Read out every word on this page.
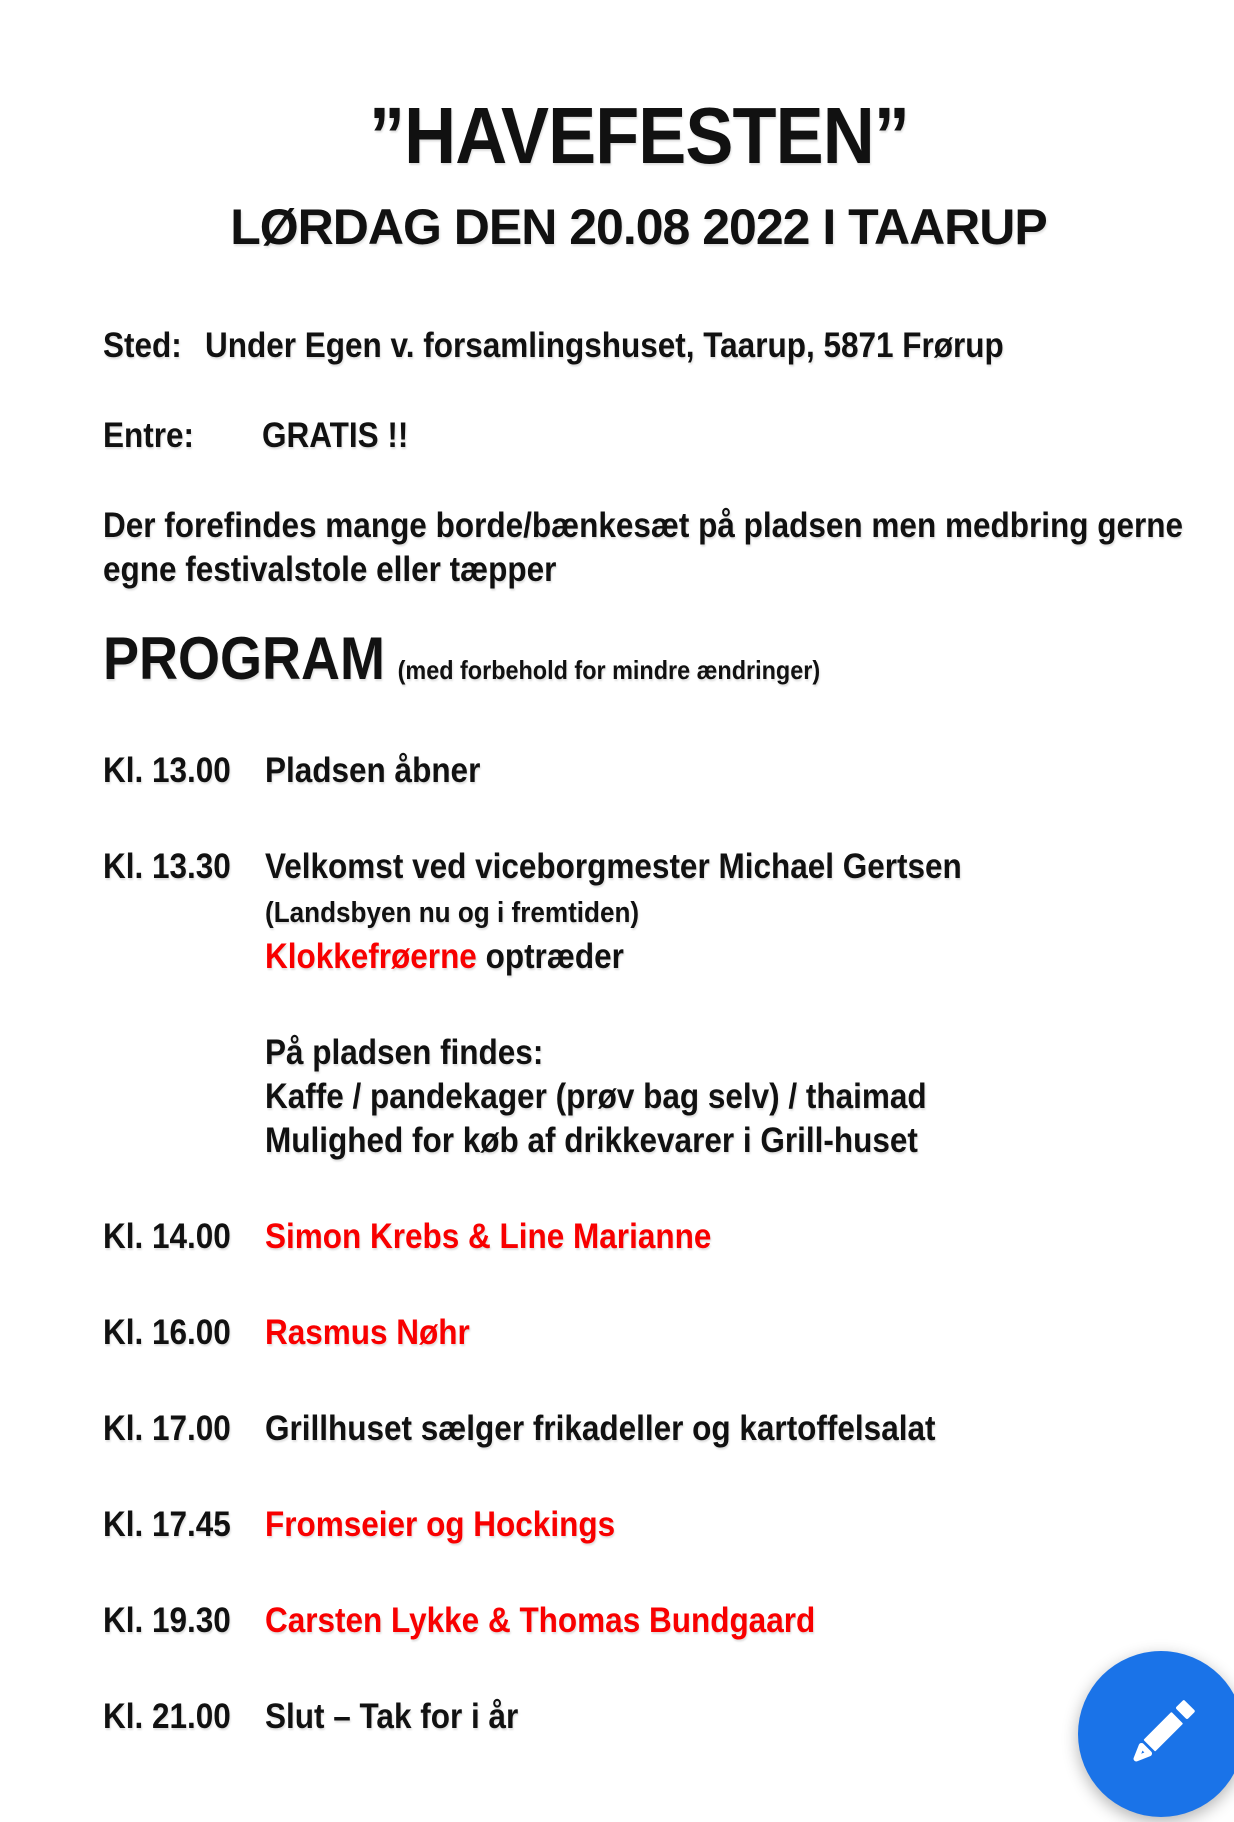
”HAVEFESTEN”
LØRDAG DEN 20.08 2022 I TAARUP
Sted: Under Egen v. forsamlingshuset, Taarup, 5871 Frørup
Entre: GRATIS !!
Der forefindes mange borde/bænkesæt på pladsen men medbring gerne
egne festivalstole eller tæpper
PROGRAM (med forbehold for mindre ændringer)
Kl. 13.00 Pladsen åbner
Kl. 13.30 Velkomst ved viceborgmester Michael Gertsen
(Landsbyen nu og i fremtiden)
Klokkefrøerne optræder
På pladsen findes:
Kaffe / pandekager (prøv bag selv) / thaimad
Mulighed for køb af drikkevarer i Grill-huset
Kl. 14.00 Simon Krebs & Line Marianne
Kl. 16.00 Rasmus Nøhr
Kl. 17.00 Grillhuset sælger frikadeller og kartoffelsalat
Kl. 17.45 Fromseier og Hockings
Kl. 19.30 Carsten Lykke & Thomas Bundgaard
Kl. 21.00 Slut – Tak for i år
